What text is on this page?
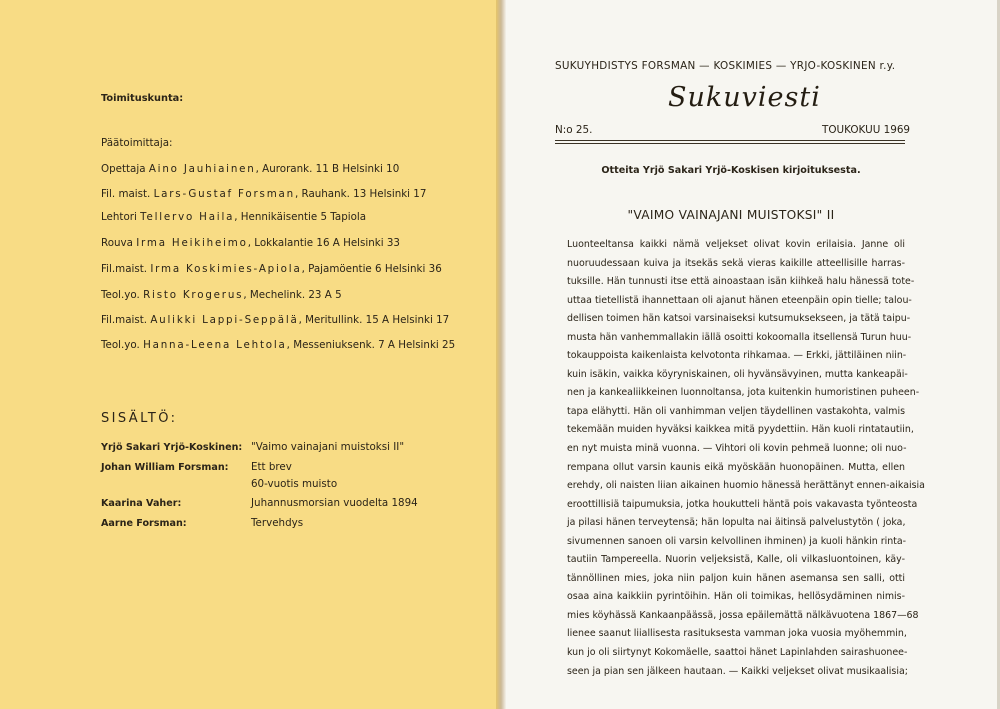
Toimituskunta:
Päätoimittaja:
Opettaja Aino Jauhiainen, Aurorank. 11 B Helsinki 10
Fil. maist. Lars-Gustaf Forsman, Rauhank. 13 Helsinki 17
Lehtori Tellervo Haila, Hennikäisentie 5 Tapiola
Rouva Irma Heikiheimo, Lokkalantie 16 A Helsinki 33
Fil.maist. Irma Koskimies-Apiola, Pajamöentie 6 Helsinki 36
Teol.yo. Risto Krogerus, Mechelink. 23 A 5
Fil.maist. Aulikki Lappi-Seppälä, Meritullink. 15 A Helsinki 17
Teol.yo. Hanna-Leena Lehtola, Messeniuksenk. 7 A Helsinki 25
SISÄLTÖ:
Yrjö Sakari Yrjö-Koskinen: "Vaimo vainajani muistoksi II"
Johan William Forsman: Ett brev
60-vuotis muisto
Kaarina Vaher:	Juhannusmorsian vuodelta 1894
Aarne Forsman:	Tervehdys
SUKUYHDISTYS FORSMAN — KOSKIMIES — YRJO-KOSKINEN r.y.
Sukuviesti
N:o 25.	TOUKOKUU 1969
Otteita Yrjö Sakari Yrjö-Koskisen kirjoituksesta.
"VAIMO VAINAJANI MUISTOKSI" II
Luonteeltansa kaikki nämä veljekset olivat kovin erilaisia. Janne oli
nuoruudessaan kuiva ja itsekäs sekä vieras kaikille atteellisille harras-
tuksille. Hän tunnusti itse että ainoastaan isän kiihkeä halu hänessä tote-
uttaa tietellistä ihannettaan oli ajanut hänen eteenpäin opin tielle; talou-
dellisen toimen hän katsoi varsinaiseksi kutsumuksekseen, ja tätä taipu-
musta hän vanhemmallakin iällä osoitti kokoomalla itsellensä Turun huu-
tokauppoista kaikenlaista kelvotonta rihkamaa. — Erkki, jättiläinen niin-
kuin isäkin, vaikka köyryniskainen, oli hyvänsävyinen, mutta kankeapäi-
nen ja kankealiikkeinen luonnoltansa, jota kuitenkin humoristinen puheen-
tapa elähytti. Hän oli vanhimman veljen täydellinen vastakohta, valmis
tekemään muiden hyväksi kaikkea mitä pyydettiin. Hän kuoli rintatautiin,
en nyt muista minä vuonna. — Vihtori oli kovin pehmeä luonne; oli nuo-
rempana ollut varsin kaunis eikä myöskään huonopäinen. Mutta, ellen
erehdy, oli naisten liian aikainen huomio hänessä herättänyt ennen-aikaisia
eroottillisiä taipumuksia, jotka houkutteli häntä pois vakavasta työnteosta
ja pilasi hänen terveytensä; hän lopulta nai äitinsä palvelustytön ( joka,
sivumennen sanoen oli varsin kelvollinen ihminen) ja kuoli hänkin rinta-
tautiin Tampereella. Nuorin veljeksistä, Kalle, oli vilkasluontoinen, käy-
tännöllinen mies, joka niin paljon kuin hänen asemansa sen salli, otti
osaa aina kaikkiin pyrintöihin. Hän oli toimikas, hellösydäminen nimis-
mies köyhässä Kankaanpäässä, jossa epäilemättä nälkävuotena 1867—68
lienee saanut liiallisesta rasituksesta vamman joka vuosia myöhemmin,
kun jo oli siirtynyt Kokomäelle, saattoi hänet Lapinlahden sairashuonee-
seen ja pian sen jälkeen hautaan. — Kaikki veljekset olivat musikaalisia;
